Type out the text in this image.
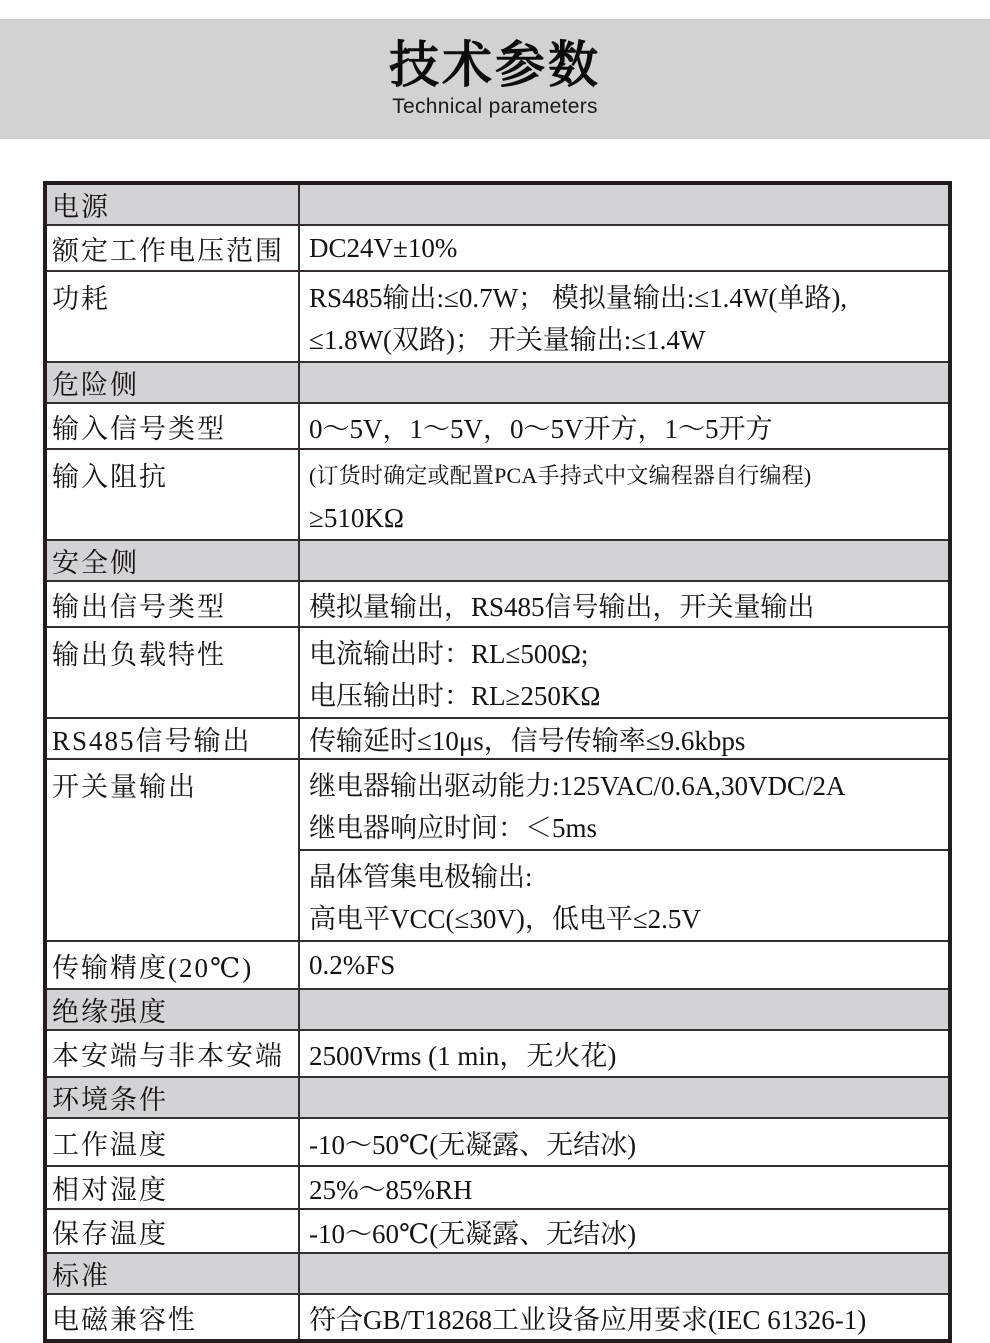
技术参数
Technical parameters
电源	
额定工作电压范围	DC24V±10%
功耗	RS485输出:≤0.7W； 模拟量输出:≤1.4W(单路),
≤1.8W(双路)； 开关量输出:≤1.4W

危险侧	
输入信号类型	0～5V，1～5V，0～5V开方，1～5开方
输入阻抗	(订货时确定或配置PCA手持式中文编程器自行编程)
≥510KΩ

安全侧	
输出信号类型	模拟量输出，RS485信号输出，开关量输出
输出负载特性	电流输出时：RL≤500Ω;
电压输出时：RL≥250KΩ

RS485信号输出	传输延时≤10μs，信号传输率≤9.6kbps
开关量输出	继电器输出驱动能力:125VAC/0.6A,30VDC/2A
继电器响应时间：＜5ms

	晶体管集电极输出:
高电平VCC(≤30V)，低电平≤2.5V

传输精度(20℃)	0.2%FS
绝缘强度	
本安端与非本安端	2500Vrms (1 min，无火花)
环境条件	
工作温度	-10～50℃(无凝露、无结冰)
相对湿度	25%～85%RH
保存温度	-10～60℃(无凝露、无结冰)
标准	
电磁兼容性	符合GB/T18268工业设备应用要求(IEC 61326-1)
